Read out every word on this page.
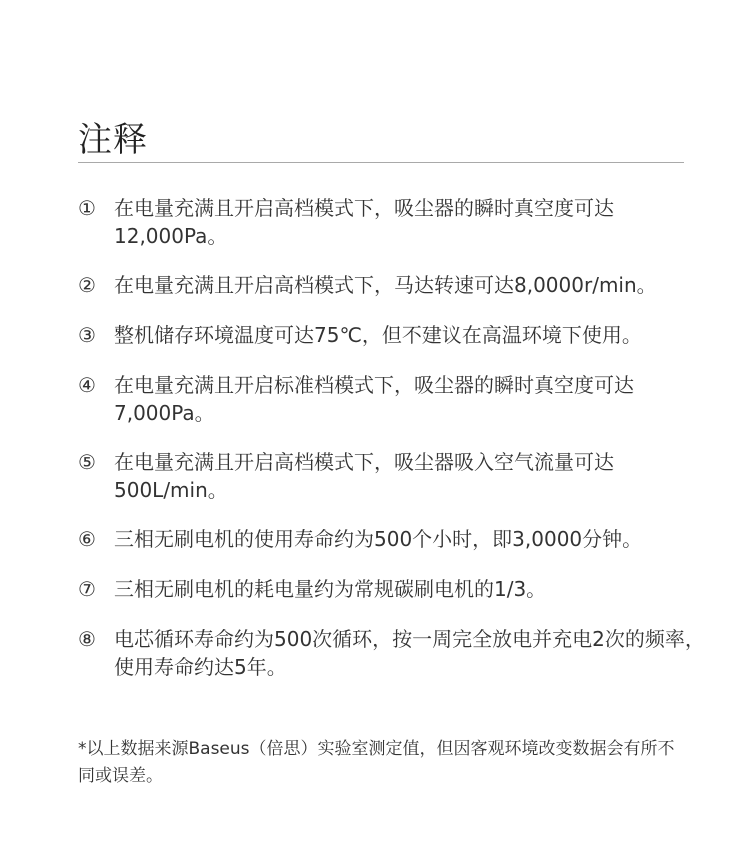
注释
① 在电量充满且开启高档模式下，吸尘器的瞬时真空度可达12,000Pa。
② 在电量充满且开启高档模式下，马达转速可达8,0000r/min。
③ 整机储存环境温度可达75℃，但不建议在高温环境下使用。
④ 在电量充满且开启标准档模式下，吸尘器的瞬时真空度可达7,000Pa。
⑤ 在电量充满且开启高档模式下，吸尘器吸入空气流量可达500L/min。
⑥ 三相无刷电机的使用寿命约为500个小时，即3,0000分钟。
⑦ 三相无刷电机的耗电量约为常规碳刷电机的1/3。
⑧ 电芯循环寿命约为500次循环，按一周完全放电并充电2次的频率，使用寿命约达5年。

*以上数据来源Baseus（倍思）实验室测定值，但因客观环境改变数据会有所不同或误差。
